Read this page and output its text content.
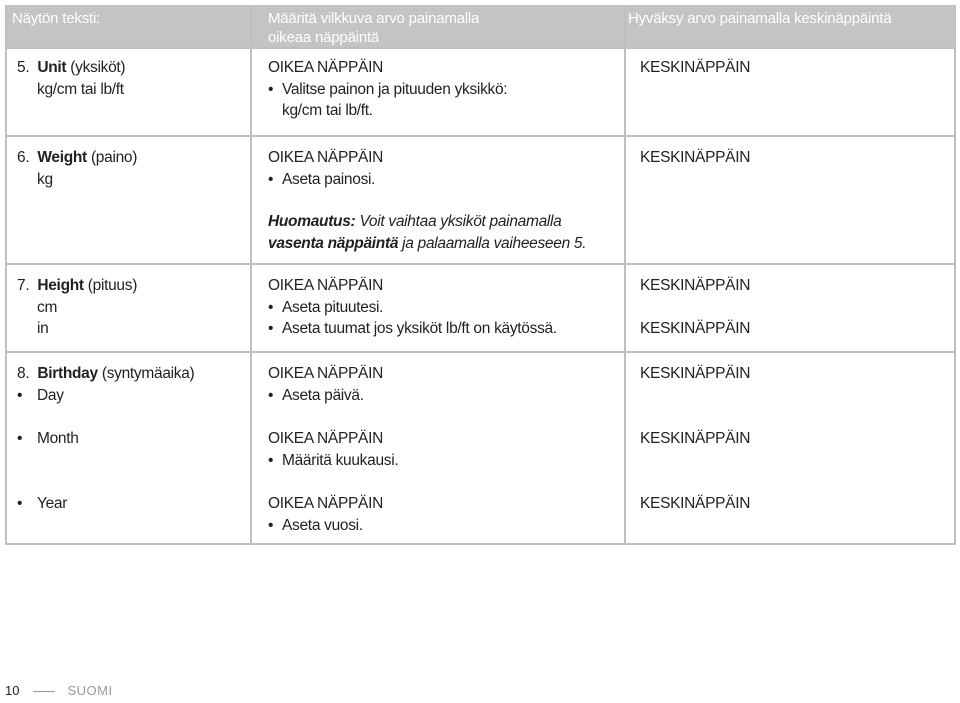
Näytön teksti:	Määritä vilkkuva arvo painamalla
oikeaa näppäintä
Hyväksy arvo painamalla keskinäppäintä
5. Unit (yksiköt)
kg/cm tai lb/ft
OIKEA NÄPPÄIN
• Valitse painon ja pituuden yksikkö:
kg/cm tai lb/ft.
KESKINÄPPÄIN
6. Weight (paino)
kg
OIKEA NÄPPÄIN
• Aseta painosi.
Huomautus: Voit vaihtaa yksiköt painamalla
vasenta näppäintä ja palaamalla vaiheeseen 5.
KESKINÄPPÄIN
7. Height (pituus)
cm
in
OIKEA NÄPPÄIN
• Aseta pituutesi.
• Aseta tuumat jos yksiköt lb/ft on käytössä.
KESKINÄPPÄIN
KESKINÄPPÄIN
8. Birthday (syntymäaika)
• Day
• Month
• Year
OIKEA NÄPPÄIN
• Aseta päivä.
OIKEA NÄPPÄIN
• Määritä kuukausi.
OIKEA NÄPPÄIN
• Aseta vuosi.
KESKINÄPPÄIN
KESKINÄPPÄIN
KESKINÄPPÄIN
10	SUOMI
